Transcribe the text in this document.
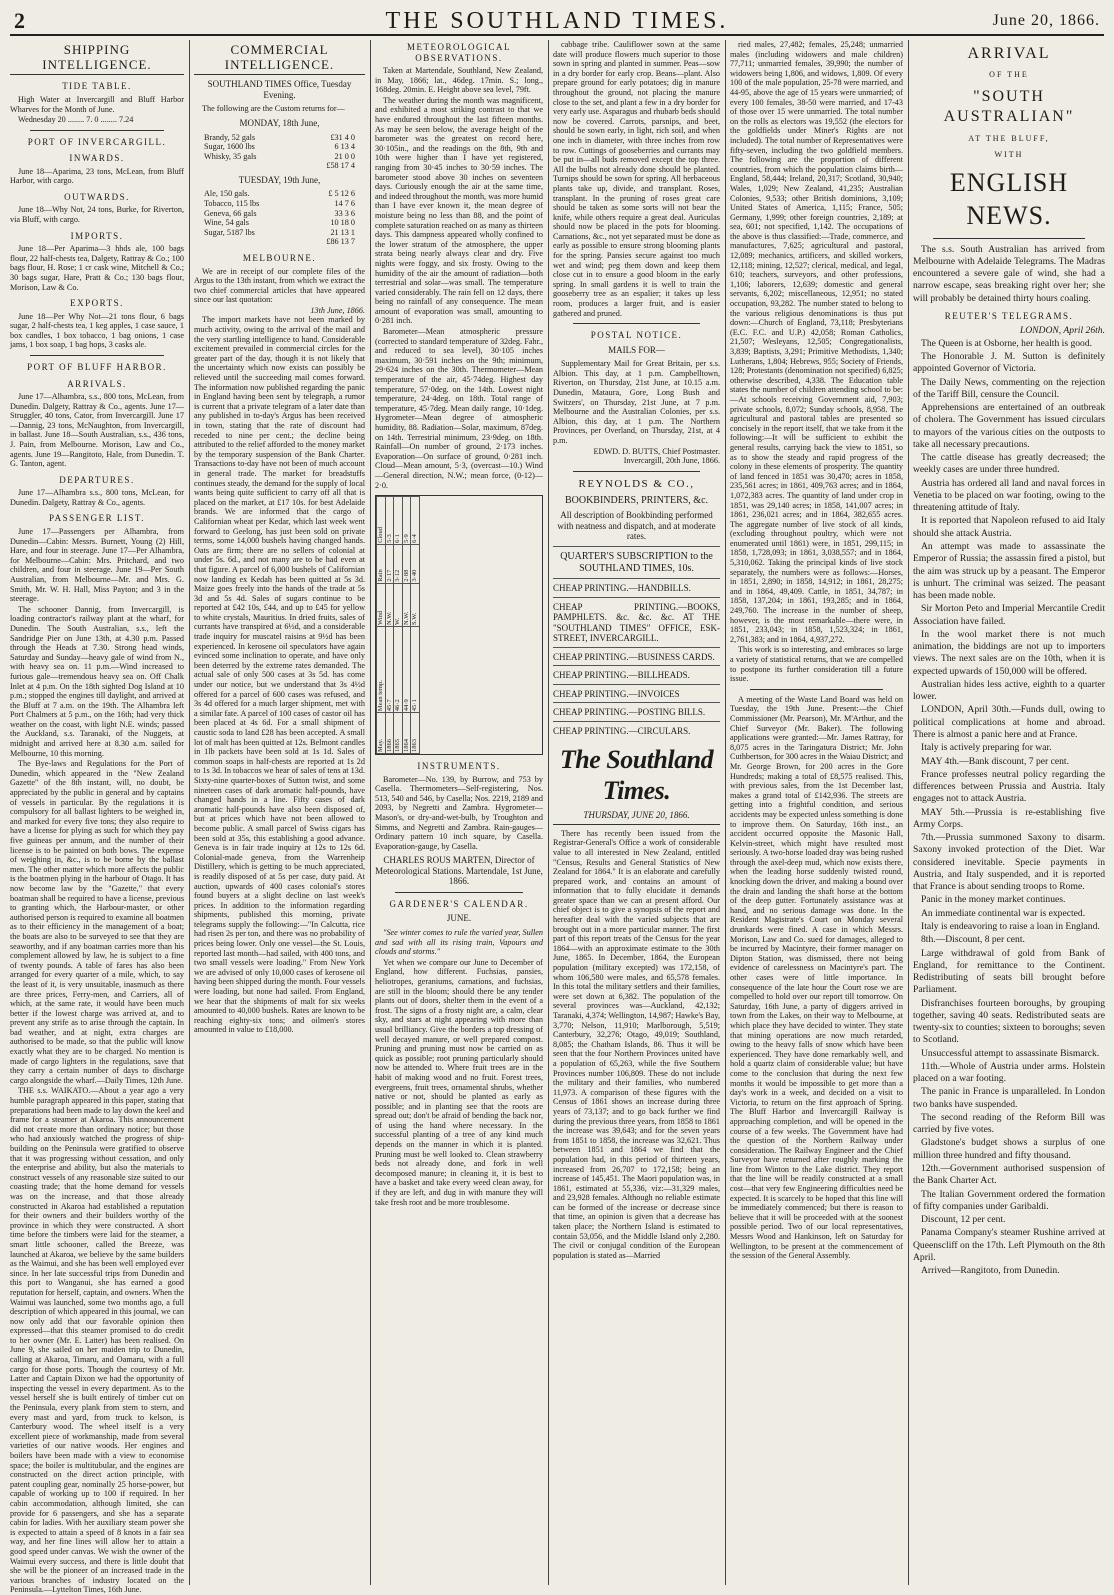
2	THE SOUTHLAND TIMES.	June 20, 1866.
SHIPPING INTELLIGENCE.
TIDE TABLE.

High Water at Invercargill and Bluff Harbor Wharves for the Month of June.

Wednesday 20 ........ 7. 0 ........ 7.24

PORT OF INVERCARGILL.
INWARDS.

June 18—Aparima, 23 tons, McLean, from Bluff Harbor, with cargo.

OUTWARDS.

June 18—Why Not, 24 tons, Burke, for Riverton, via Bluff, with cargo.

IMPORTS.

June 18—Per Aparima—3 hhds ale, 100 bags flour, 22 half-chests tea, Dalgety, Rattray & Co.; 100 bags flour, H. Rose; 1 cr cask wine, Mitchell & Co.; 30 bags sugar, Hare, Pratt & Co.; 130 bags flour, Morison, Law & Co.

EXPORTS.

June 18—Per Why Not—21 tons flour, 6 bags sugar, 2 half-chests tea, 1 keg apples, 1 case sauce, 1 box candles, 1 box tobacco, 1 bag onions, 1 case jams, 1 box soap, 1 bag hops, 3 casks ale.

PORT OF BLUFF HARBOR.
ARRIVALS.

June 17—Alhambra, s.s., 800 tons, McLean, from Dunedin. Dalgety, Rattray & Co., agents. June 17—Struggler, 40 tons, Cator, from Invercargill. June 17—Dannig, 23 tons, McNaughton, from Invercargill, in ballast. June 18—South Australian, s.s., 436 tons, J. Pain, from Melbourne. Morison, Law and Co., agents. June 19—Rangitoto, Hale, from Dunedin. T. G. Tanton, agent.

DEPARTURES.

June 17—Alhambra s.s., 800 tons, McLean, for Dunedin. Dalgety, Rattray & Co., agents.

PASSENGER LIST.

June 17—Passengers per Alhambra, from Dunedin—Cabin: Messrs. Burnett, Young (2) Hill, Hare, and four in steerage. June 17—Per Alhambra, for Melbourne—Cabin: Mrs. Pritchard, and two children, and four in steerage. June 19—Per South Australian, from Melbourne—Mr. and Mrs. G. Smith, Mr. W. H. Hall, Miss Payton; and 3 in the steerage.

The schooner Dannig, from Invercargill, is loading contractor's railway plant at the wharf, for Dunedin. The South Australian, s.s., left the Sandridge Pier on June 13th, at 4.30 p.m. Passed through the Heads at 7.30. Strong head winds, Saturday and Sunday—heavy gale of wind from N., with heavy sea on. 11 p.m.—Wind increased to furious gale—tremendous heavy sea on. Off Chalk Inlet at 4 p.m. On the 18th sighted Dog Island at 10 p.m.; stopped the engines till daylight, and arrived at the Bluff at 7 a.m. on the 19th. The Alhambra left Port Chalmers at 5 p.m., on the 16th; had very thick weather on the coast, with light N.E. winds; passed the Auckland, s.s. Taranaki, of the Nuggets, at midnight and arrived here at 8.30 a.m. sailed for Melbourne, 10 this morning.

The Bye-laws and Regulations for the Port of Dunedin, which appeared in the "New Zealand Gazette" of the 8th instant, will, no doubt, be appreciated by the public in general and by captains of vessels in particular. By the regulations it is compulsory for all ballast lighters to be weighed in, and marked for every five tons; they also require to have a license for plying as such for which they pay five guineas per annum, and the number of their license is to be painted on both bows. The expense of weighing in, &c., is to be borne by the ballast men. The other matter which more affects the public is the boatmen plying in the harbour of Otago. It has now become law by the "Gazette," that every boatman shall be required to have a license, previous to granting which, the Harbour-master, or other authorised person is required to examine all boatmen as to their efficiency in the management of a boat; the boats are also to be surveyed to see that they are seaworthy, and if any boatman carries more than his complement allowed by law, he is subject to a fine of twenty pounds. A table of fares has also been arranged for every quarter of a mile, which, to say the least of it, is very unsuitable, inasmuch as there are three prices, Ferry-men, and Carriers, all of which, at the same rate, it would have been much better if the lowest charge was arrived at, and to prevent any strife as to arise through the captain. In bad weather, and at night, extra charges are authorised to be made, so that the public will know exactly what they are to be charged. No mention is made of cargo lighters in the regulations, save that they carry a certain number of days to discharge cargo alongside the wharf.—Daily Times, 12th June.

THE s.s. WAIKATO.—About a year ago a very humble paragraph appeared in this paper, stating that preparations had been made to lay down the keel and frame for a steamer at Akaroa. This announcement did not create more than ordinary notice; but those who had anxiously watched the progress of ship-building on the Peninsula were gratified to observe that it was progressing without cessation, and only the enterprise and ability, but also the materials to construct vessels of any reasonable size suited to our coasting trade; that the home demand for vessels was on the increase, and that those already constructed in Akaroa had established a reputation for their owners and their builders worthy of the province in which they were constructed. A short time before the timbers were laid for the steamer, a smart little schooner, called the Breeze, was launched at Akaroa, we believe by the same builders as the Waimui, and she has been well employed ever since. In her late successful trips from Dunedin and this port to Wanganui, she has earned a good reputation for herself, captain, and owners. When the Waimui was launched, some two months ago, a full description of which appeared in this journal, we can now only add that our favorable opinion then expressed—that this steamer promised to do credit to her owner (Mr. E. Latter) has been realised. On June 9, she sailed on her maiden trip to Dunedin, calling at Akaroa, Timaru, and Oamaru, with a full cargo for those ports. Though the courtesy of Mr. Latter and Captain Dixon we had the opportunity of inspecting the vessel in every department. As to the vessel herself she is built entirely of timber cut on the Peninsula, every plank from stem to stern, and every mast and yard, from truck to kelson, is Canterbury wood. The wheel itself is a very excellent piece of workmanship, made from several varieties of our native woods. Her engines and boilers have been made with a view to economise space; the boiler is multitubular, and the engines are constructed on the direct action principle, with patent coupling gear, nominally 25 horse-power, but capable of working up to 100 if required. In her cabin accommodation, although limited, she can provide for 6 passengers, and she has a separate cabin for ladies. With her auxiliary steam power she is expected to attain a speed of 8 knots in a fair sea way, and her fine lines will allow her to attain a good speed under canvas. We wish the owner of the Waimui every success, and there is little doubt that she will be the pioneer of an increased trade in the various branches of industry located on the Peninsula.—Lyttelton Times, 16th June.

COMMERCIAL INTELLIGENCE.
SOUTHLAND TIMES Office, Tuesday Evening.

The following are the Custom returns for—

MONDAY, 18th June,
Brandy, 52 gals	£31 4 0
Sugar, 1600 lbs	6 13 4
Whisky, 35 gals	21 0 0
£58 17 4
TUESDAY, 19th June,
Ale, 150 gals.	£ 5 12 6
Tobacco, 115 lbs	14 7 6
Geneva, 66 gals	33 3 6
Wine, 54 gals	10 18 0
Sugar, 5187 lbs	21 13 1
£86 13 7
MELBOURNE.

We are in receipt of our complete files of the Argus to the 13th instant, from which we extract the two chief commercial articles that have appeared since our last quotation:

13th June, 1866.

The import markets have not been marked by much activity, owing to the arrival of the mail and the very startling intelligence to hand. Considerable excitement prevailed in commercial circles for the greater part of the day, though it is not likely that the uncertainty which now exists can possibly be relieved until the succeeding mail comes forward. The information now published regarding the panic in England having been sent by telegraph, a rumor is current that a private telegram of a later date than any published in to-day's Argus has been received in town, stating that the rate of discount had receded to nine per cent.; the decline being attributed to the relief afforded to the money market by the temporary suspension of the Bank Charter. Transactions to-day have not been of much account in general trade. The market for breadstuffs continues steady, the demand for the supply of local wants being quite sufficient to carry off all that is placed on the market, at £17 10s. for best Adelaide brands. We are informed that the cargo of Californian wheat per Kedar, which last week went forward to Geelong, has just been sold on private terms, some 14,000 bushels having changed hands. Oats are firm; there are no sellers of colonial at under 5s. 6d., and not many are to be had even at that figure. A parcel of 6,000 bushels of Californian now landing ex Kedah has been quitted at 5s 3d. Maize goes freely into the hands of the trade at 5s 3d and 5s 4d. Sales of sugars continue to be reported at £42 10s, £44, and up to £45 for yellow to white crystals, Mauritius. In dried fruits, sales of currants have transpired at 6½d, and a considerable trade inquiry for muscatel raisins at 9½d has been experienced. In kerosene oil speculators have again evinced some inclination to operate, and have only been deterred by the extreme rates demanded. The actual sale of only 500 cases at 3s 5d. has come under our notice, but we understand that 3s 4½d offered for a parcel of 600 cases was refused, and 3s 4d offered for a much larger shipment, met with a similar fate. A parcel of 100 cases of castor oil has been placed at 4s 6d. For a small shipment of caustic soda to land £28 has been accepted. A small lot of malt has been quitted at 12s. Belmont candles in 1lb packets have been sold at 1s 1d. Sales of common soaps in half-chests are reported at 1s 2d to 1s 3d. In tobaccos we hear of sales of tens at 13d. Sixty-nine quarter-boxes of Sutton twist, and some nineteen cases of dark aromatic half-pounds, have changed hands in a line. Fifty cases of dark aromatic half-pounds have also been disposed of, but at prices which have not been allowed to become public. A small parcel of Swiss cigars has been sold at 35s, this establishing a good advance. Geneva is in fair trade inquiry at 12s to 12s 6d. Colonial-made geneva, from the Warrenheip Distillery, which is getting to be much appreciated, is readily disposed of at 5s per case, duty paid. At auction, upwards of 400 cases colonial's stores found buyers at a slight decline on last week's prices. In addition to the information regarding shipments, published this morning, private telegrams supply the following:—"In Calcutta, rice had risen 2s per ton, and there was no probability of prices being lower. Only one vessel—the St. Louis, reported last month—had sailed, with 400 tons, and two small vessels were loading." From New York we are advised of only 10,000 cases of kerosene oil having been shipped during the month. Four vessels were loading, but none had sailed. From England, we hear that the shipments of malt for six weeks amounted to 40,000 bushels. Rates are known to be reaching eighty-six tons; and oilmen's stores amounted in value to £18,000.

METEOROLOGICAL OBSERVATIONS.

Taken at Martendale, Southland, New Zealand, in May, 1866; lat., 46deg. 17min. S.; long., 168deg. 20min. E. Height above sea level, 79ft.

The weather during the month was magnificent, and exhibited a most striking contrast to that we have endured throughout the last fifteen months. As may be seen below, the average height of the barometer was the greatest on record here, 30·105in., and the readings on the 8th, 9th and 10th were higher than I have yet registered, ranging from 30·45 inches to 30·59 inches. The barometer stood above 30 inches on seventeen days. Curiously enough the air at the same time, and indeed throughout the month, was more humid than I have ever known it, the mean degree of moisture being no less than 88, and the point of complete saturation reached on as many as thirteen days. This dampness appeared wholly confined to the lower stratum of the atmosphere, the upper strata being nearly always clear and dry. Five nights were foggy, and six frosty. Owing to the humidity of the air the amount of radiation—both terrestrial and solar—was small. The temperature varied considerably. The rain fell on 12 days, there being no rainfall of any consequence. The mean amount of evaporation was small, amounting to 0·281 inch.

Barometer—Mean atmospheric pressure (corrected to standard temperature of 32deg. Fahr., and reduced to sea level), 30·105 inches maximum, 30·591 inches on the 9th; minimum, 29·624 inches on the 30th. Thermometer—Mean temperature of the air, 45·74deg. Highest day temperature, 57·0deg. on the 14th. Lowest night temperature, 24·4deg. on 18th. Total range of temperature, 45·7deg. Mean daily range, 10·1deg. Hygrometer—Mean degree of atmospheric humidity, 88. Radiation—Solar, maximum, 87deg. on 14th. Terrestrial minimum, 23·9deg. on 18th. Rainfall—On number of ground, 2·173 inches. Evaporation—On surface of ground, 0·281 inch. Cloud—Mean amount, 5·3, (overcast—10.) Wind—General direction, N.W.; mean force, (0-12)—2·0.

May.	Mean temp.	Wind	Rain	Cloud
1866	45·7	N.W.	2·17	5·3
1865	46·2	W.	3·12	6·1
1864	44·9	N.W.	2·88	5·9
1863	45·1	S.W.	3·40	6·4
INSTRUMENTS.

Barometer—No. 139, by Burrow, and 753 by Casella. Thermometers—Self-registering, Nos. 513, 540 and 546, by Casella; Nos. 2219, 2189 and 2093, by Negretti and Zambra. Hygrometer—Mason's, or dry-and-wet-bulb, by Troughton and Simms, and Negretti and Zambra. Rain-gauges—Ordinary pattern 10 inch square, by Casella. Evaporation-gauge, by Casella.

CHARLES ROUS MARTEN, Director of Meteorological Stations. Martendale, 1st June, 1866.
GARDENER'S CALENDAR.
JUNE.

"See winter comes to rule the varied year, Sullen and sad with all its rising train, Vapours and clouds and storms."

Yet when we compare our June to December of England, how different. Fuchsias, pansies, heliotropes, geraniums, carnations, and fuchsias, are still in the bloom; should there be any tender plants out of doors, shelter them in the event of a frost. The signs of a frosty night are, a calm, clear sky, and stars at night appearing with more than usual brilliancy. Give the borders a top dressing of well decayed manure, or well prepared compost. Pruning and pruning must now be carried on as quick as possible; root pruning particularly should now be attended to. Where fruit trees are in the habit of making wood and no fruit. Forest trees, evergreens, fruit trees, ornamental shrubs, whether native or not, should be planted as early as possible; and in planting see that the roots are spread out; don't be afraid of bending the back nor, of using the hand where necessary. In the successful planting of a tree of any kind much depends on the manner in which it is planted. Pruning must be well looked to. Clean strawberry beds not already done, and fork in well decomposed manure; in cleaning it, it is best to have a basket and take every weed clean away, for if they are left, and dug in with manure they will take fresh root and be more troublesome.

cabbage tribe. Cauliflower sown at the same date will produce flowers much superior to those sown in spring and planted in summer. Peas—sow in a dry border for early crop. Beans—plant. Also prepare ground for early potatoes; dig in manure throughout the ground, not placing the manure close to the set, and plant a few in a dry border for very early use. Asparagus and rhubarb beds should now be covered. Carrots, parsnips, and beet, should be sown early, in light, rich soil, and when one inch in diameter, with three inches from row to row. Cuttings of gooseberries and currants may be put in—all buds removed except the top three. All the bulbs not already done should be planted. Turnips should be sown for spring. All herbaceous plants take up, divide, and transplant. Roses, transplant. In the pruning of roses great care should be taken as some sorts will not bear the knife, while others require a great deal. Auriculas should now be placed in the pots for blooming. Carnations, &c., not yet separated must be done as early as possible to ensure strong blooming plants for the spring. Pansies secure against too much wet and wind; peg them down and keep them close cut in to ensure a good bloom in the early spring. In small gardens it is well to train the gooseberry tree as an espalier; it takes up less room, produces a larger fruit, and is easier gathered and pruned.

POSTAL NOTICE.
MAILS FOR—

Supplementary Mail for Great Britain, per s.s. Albion. This day, at 1 p.m. Campbelltown, Riverton, on Thursday, 21st June, at 10.15 a.m. Dunedin, Mataura, Gore, Long Bush and Switzers', on Thursday, 21st June, at 7 p.m. Melbourne and the Australian Colonies, per s.s. Albion, this day, at 1 p.m. The Northern Provinces, per Overland, on Thursday, 21st, at 4 p.m.

EDWD. D. BUTTS, Chief Postmaster. Invercargill, 20th June, 1866.
REYNOLDS & CO.,
BOOKBINDERS, PRINTERS, &c.
All description of Bookbinding performed with neatness and dispatch, and at moderate rates.
QUARTER'S SUBSCRIPTION to the SOUTHLAND TIMES, 10s.
CHEAP PRINTING.—HANDBILLS.
CHEAP PRINTING.—BOOKS, PAMPHLETS. &c. &c. &c. AT THE "SOUTHLAND TIMES" OFFICE, ESK-STREET, INVERCARGILL.
CHEAP PRINTING.—BUSINESS CARDS.
CHEAP PRINTING.—BILLHEADS.
CHEAP PRINTING.—INVOICES
CHEAP PRINTING.—POSTING BILLS.
CHEAP PRINTING.—CIRCULARS.
The Southland Times.
THURSDAY, JUNE 20, 1866.

There has recently been issued from the Registrar-General's Office a work of considerable value to all interested in New Zealand, entitled "Census, Results and General Statistics of New Zealand for 1864." It is an elaborate and carefully prepared work, and contains an amount of information that to fully elucidate it demands greater space than we can at present afford. Our chief object is to give a synopsis of the report and hereafter deal with the varied subjects that are brought out in a more particular manner. The first part of this report treats of the Census for the year 1864—with an approximate estimate to the 30th June, 1865. In December, 1864, the European population (military excepted) was 172,158, of whom 106,580 were males, and 65,578 females. In this total the military settlers and their families, were set down at 6,382. The population of the several provinces was—Auckland, 42,132; Taranaki, 4,374; Wellington, 14,987; Hawke's Bay, 3,770; Nelson, 11,910; Marlborough, 5,519; Canterbury, 32,276; Otago, 49,019; Southland, 8,085; the Chatham Islands, 86. Thus it will be seen that the four Northern Provinces united have a population of 65,263, while the five Southern Provinces number 106,809. These do not include the military and their families, who numbered 11,973. A comparison of these figures with the Census of 1861 shows an increase during three years of 73,137; and to go back further we find during the previous three years, from 1858 to 1861 the increase was 39,643; and for the seven years from 1851 to 1858, the increase was 32,621. Thus between 1851 and 1864 we find that the population had, in this period of thirteen years, increased from 26,707 to 172,158; being an increase of 145,451. The Maori population was, in 1861, estimated at 55,336, viz:—31,329 males, and 23,928 females. Although no reliable estimate can be formed of the increase or decrease since that time, an opinion is given that a decrease has taken place; the Northern Island is estimated to contain 53,056, and the Middle Island only 2,280. The civil or conjugal condition of the European population is stated as—Married

ried males, 27,482; females, 25,248; unmarried males (including widowers and male children) 77,711; unmarried females, 39,990; the number of widowers being 1,806, and widows, 1,809. Of every 100 of the male population, 25-78 were married, and 44-95, above the age of 15 years were unmarried; of every 100 females, 38-50 were married, and 17-43 of those over 15 were unmarried. The total number on the rolls as electors was 19,552 (the electors for the goldfields under Miner's Rights are not included). The total number of Representatives were fifty-seven, including the two goldfield members. The following are the proportion of different countries, from which the population claims birth—England, 58,444; Ireland, 20,317; Scotland, 30,940; Wales, 1,029; New Zealand, 41,235; Australian Colonies, 9,533; other British dominions, 3,109; United States of America, 1,115; France, 505; Germany, 1,999; other foreign countries, 2,189; at sea, 601; not specified, 1,142. The occupations of the above is thus classified:—Trade, commerce, and manufactures, 7,625; agricultural and pastoral, 12,089; mechanics, artificers, and skilled workers, 12,118; mining, 12,527; clerical, medical, and legal, 610; teachers, surveyors, and other professions, 1,106; laborers, 12,639; domestic and general servants, 6,202; miscellaneous, 12,951; no stated occupation, 93,282. The number stated to belong to the various religious denominations is thus put down:—Church of England, 73,118; Presbyterians (E.C. F.C. and U.P.) 42,058; Roman Catholics, 21,507; Wesleyans, 12,505; Congregationalists, 3,839; Baptists, 3,291; Primitive Methodists, 1,340; Lutherans, 1,804; Hebrews, 955; Society of Friends, 128; Protestants (denomination not specified) 6,825; otherwise described, 4,338. The Education table states the number of children attending school to be:—At schools receiving Government aid, 7,903; private schools, 8,072; Sunday schools, 8,958. The agricultural and pastoral tables are presented so concisely in the report itself, that we take from it the following:—It will be sufficient to exhibit the general results, carrying back the view to 1851, so as to show the steady and rapid progress of the colony in these elements of prosperity. The quantity of land fenced in 1851 was 30,470; acres in 1858, 235,561 acres; in 1861, 409,763 acres; and in 1864, 1,072,383 acres. The quantity of land under crop in 1851, was 29,140 acres; in 1858, 141,007 acres; in 1861, 236,021 acres; and in 1864, 382,655 acres. The aggregate number of live stock of all kinds, (excluding throughout poultry, which were not enumerated until 1861) were, in 1851, 299,115; in 1858, 1,728,093; in 1861, 3,038,557; and in 1864, 5,310,062. Taking the principal kinds of live stock separately, the numbers were as follows:—Horses, in 1851, 2,890; in 1858, 14,912; in 1861, 28,275; and in 1864, 49,409. Cattle, in 1851, 34,787; in 1858, 137,204; in 1861, 193,285; and in 1864, 249,760. The increase in the number of sheep, however, is the most remarkable—there were, in 1851, 233,043; in 1858, 1,523,324; in 1861, 2,761,383; and in 1864, 4,937,272.

This work is so interesting, and embraces so large a variety of statistical returns, that we are compelled to postpone its further consideration till a future issue.

A meeting of the Waste Land Board was held on Tuesday, the 19th June. Present:—the Chief Commissioner (Mr. Pearson), Mr. M'Arthur, and the Chief Surveyor (Mr. Baker). The following applications were granted:—Mr. James Rattray, for 8,075 acres in the Taringatura District; Mr. John Cuthbertson, for 300 acres in the Waiau District; and Mr. George Brown, for 200 acres in the Gore Hundreds; making a total of £8,575 realised. This, with previous sales, from the 1st December last, makes a grand total of £142,936. The streets are getting into a frightful condition, and serious accidents may be expected unless something is done to improve them. On Saturday, 16th inst., an accident occurred opposite the Masonic Hall, Kelvin-street, which might have resulted most seriously. A two-horse loaded dray was being rushed through the axel-deep mud, which now exists there, when the leading horse suddenly twisted round, knocking down the driver, and making a bound over the drain and landing the shaft horse at the bottom of the deep gutter. Fortunately assistance was at hand, and no serious damage was done. In the Resident Magistrate's Court on Monday several drunkards were fined. A case in which Messrs. Morison, Law and Co. sued for damages, alleged to be incurred by Macintyre, their former manager on Dipton Station, was dismissed, there not being evidence of carelessness on Macintyre's part. The other cases were of little importance. In consequence of the late hour the Court rose we are compelled to hold over our report till tomorrow. On Saturday, 16th June, a party of diggers arrived in town from the Lakes, on their way to Melbourne, at which place they have decided to winter. They state that mining operations are now much retarded, owing to the heavy falls of snow which have been experienced. They have done remarkably well, and hold a quartz claim of considerable value; but have come to the conclusion that during the next few months it would be impossible to get more than a day's work in a week, and decided on a visit to Victoria, to return on the first approach of Spring. The Bluff Harbor and Invercargill Railway is approaching completion, and will be opened in the course of a few weeks. The Government have had the question of the Northern Railway under consideration. The Railway Engineer and the Chief Surveyor have returned after roughly marking the line from Winton to the Lake district. They report that the line will be readily constructed at a small cost—that very few Engineering difficulties need be expected. It is scarcely to be hoped that this line will be immediately commenced; but there is reason to believe that it will be proceeded with at the soonest possible period. Two of our local representatives, Messrs Wood and Hankinson, left on Saturday for Wellington, to be present at the commencement of the session of the General Assembly.

ARRIVAL
OF THE
"SOUTH AUSTRALIAN"
AT THE BLUFF,
WITH
ENGLISH NEWS.

The s.s. South Australian has arrived from Melbourne with Adelaide Telegrams. The Madras encountered a severe gale of wind, she had a narrow escape, seas breaking right over her; she will probably be detained thirty hours coaling.

REUTER'S TELEGRAMS.
LONDON, April 26th.

The Queen is at Osborne, her health is good.

The Honorable J. M. Sutton is definitely appointed Governor of Victoria.

The Daily News, commenting on the rejection of the Tariff Bill, censure the Council.

Apprehensions are entertained of an outbreak of cholera. The Government has issued circulars to mayors of the various cities on the outposts to take all necessary precautions.

The cattle disease has greatly decreased; the weekly cases are under three hundred.

Austria has ordered all land and naval forces in Venetia to be placed on war footing, owing to the threatening attitude of Italy.

It is reported that Napoleon refused to aid Italy should she attack Austria.

An attempt was made to assassinate the Emperor of Russia; the assassin fired a pistol, but the aim was struck up by a peasant. The Emperor is unhurt. The criminal was seized. The peasant has been made noble.

Sir Morton Peto and Imperial Mercantile Credit Association have failed.

In the wool market there is not much animation, the biddings are not up to importers views. The next sales are on the 10th, when it is expected upwards of 150,000 will be offered.

Australian hides less active, eighth to a quarter lower.

LONDON, April 30th.—Funds dull, owing to political complications at home and abroad. There is almost a panic here and at France.

Italy is actively preparing for war.

MAY 4th.—Bank discount, 7 per cent.

France professes neutral policy regarding the differences between Prussia and Austria. Italy engages not to attack Austria.

MAY 5th.—Prussia is re-establishing five Army Corps.

7th.—Prussia summoned Saxony to disarm. Saxony invoked protection of the Diet. War considered inevitable. Specie payments in Austria, and Italy suspended, and it is reported that France is about sending troops to Rome.

Panic in the money market continues.

An immediate continental war is expected.

Italy is endeavoring to raise a loan in England.

8th.—Discount, 8 per cent.

Large withdrawal of gold from Bank of England, for remittance to the Continent. Redistributing of seats bill brought before Parliament.

Disfranchises fourteen boroughs, by grouping together, saving 40 seats. Redistributed seats are twenty-six to counties; sixteen to boroughs; seven to Scotland.

Unsuccessful attempt to assassinate Bismarck.

11th.—Whole of Austria under arms. Holstein placed on a war footing.

The panic in France is unparalleled. In London two banks have suspended.

The second reading of the Reform Bill was carried by five votes.

Gladstone's budget shows a surplus of one million three hundred and fifty thousand.

12th.—Government authorised suspension of the Bank Charter Act.

The Italian Government ordered the formation of fifty companies under Garibaldi.

Discount, 12 per cent.

Panama Company's steamer Rushine arrived at Queenscliff on the 17th. Left Plymouth on the 8th April.

Arrived—Rangitoto, from Dunedin.
